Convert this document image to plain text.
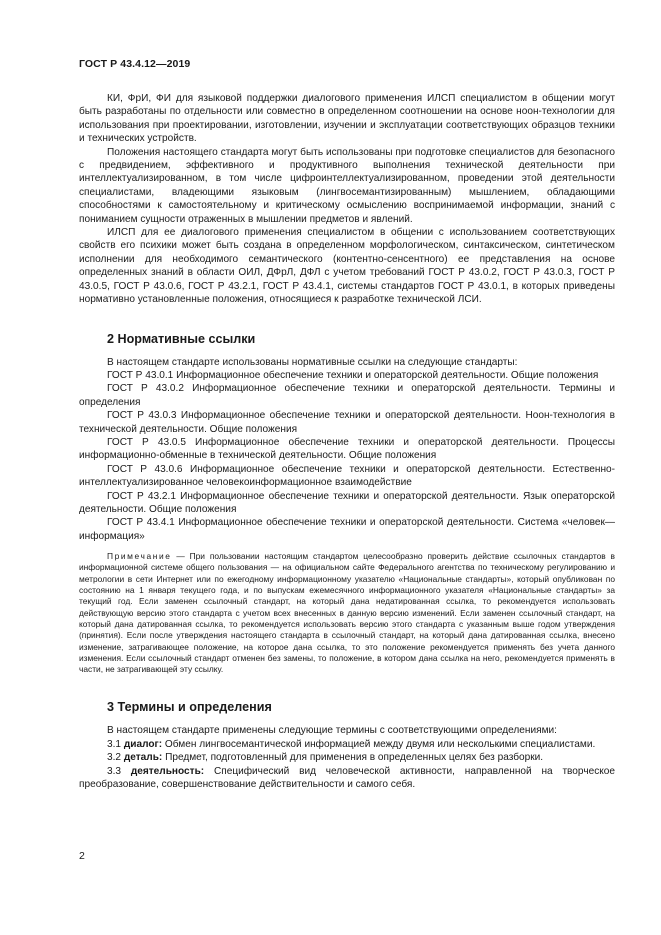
ГОСТ Р 43.4.12—2019

КИ, ФрИ, ФИ для языковой поддержки диалогового применения ИЛСП специалистом в общении могут быть разработаны по отдельности или совместно в определенном соотношении на основе ноон-технологии для использования при проектировании, изготовлении, изучении и эксплуатации соответствующих образцов техники и технических устройств.

Положения настоящего стандарта могут быть использованы при подготовке специалистов для безопасного с предвидением, эффективного и продуктивного выполнения технической деятельности при интеллектуализированном, в том числе цифроинтеллектуализированном, проведении этой деятельности специалистами, владеющими языковым (лингвосемантизированным) мышлением, обладающими способностями к самостоятельному и критическому осмыслению воспринимаемой информации, знаний с пониманием сущности отраженных в мышлении предметов и явлений.

ИЛСП для ее диалогового применения специалистом в общении с использованием соответствующих свойств его психики может быть создана в определенном морфологическом, синтаксическом, синтетическом исполнении для необходимого семантического (контентно-сенсентного) ее представления на основе определенных знаний в области ОИЛ, ДФрЛ, ДФЛ с учетом требований ГОСТ Р 43.0.2, ГОСТ Р 43.0.3, ГОСТ Р 43.0.5, ГОСТ Р 43.0.6, ГОСТ Р 43.2.1, ГОСТ Р 43.4.1, системы стандартов ГОСТ Р 43.0.1, в которых приведены нормативно установленные положения, относящиеся к разработке технической ЛСИ.

2 Нормативные ссылки

В настоящем стандарте использованы нормативные ссылки на следующие стандарты:

ГОСТ Р 43.0.1 Информационное обеспечение техники и операторской деятельности. Общие положения

ГОСТ Р 43.0.2 Информационное обеспечение техники и операторской деятельности. Термины и определения

ГОСТ Р 43.0.3 Информационное обеспечение техники и операторской деятельности. Ноон-технология в технической деятельности. Общие положения

ГОСТ Р 43.0.5 Информационное обеспечение техники и операторской деятельности. Процессы информационно-обменные в технической деятельности. Общие положения

ГОСТ Р 43.0.6 Информационное обеспечение техники и операторской деятельности. Естественно-интеллектуализированное человекоинформационное взаимодействие

ГОСТ Р 43.2.1 Информационное обеспечение техники и операторской деятельности. Язык операторской деятельности. Общие положения

ГОСТ Р 43.4.1 Информационное обеспечение техники и операторской деятельности. Система «человек—информация»

Примечание — При пользовании настоящим стандартом целесообразно проверить действие ссылочных стандартов в информационной системе общего пользования — на официальном сайте Федерального агентства по техническому регулированию и метрологии в сети Интернет или по ежегодному информационному указателю «Национальные стандарты», который опубликован по состоянию на 1 января текущего года, и по выпускам ежемесячного информационного указателя «Национальные стандарты» за текущий год. Если заменен ссылочный стандарт, на который дана недатированная ссылка, то рекомендуется использовать действующую версию этого стандарта с учетом всех внесенных в данную версию изменений. Если заменен ссылочный стандарт, на который дана датированная ссылка, то рекомендуется использовать версию этого стандарта с указанным выше годом утверждения (принятия). Если после утверждения настоящего стандарта в ссылочный стандарт, на который дана датированная ссылка, внесено изменение, затрагивающее положение, на которое дана ссылка, то это положение рекомендуется применять без учета данного изменения. Если ссылочный стандарт отменен без замены, то положение, в котором дана ссылка на него, рекомендуется применять в части, не затрагивающей эту ссылку.
3 Термины и определения

В настоящем стандарте применены следующие термины с соответствующими определениями:

3.1 диалог: Обмен лингвосемантической информацией между двумя или несколькими специалистами.

3.2 деталь: Предмет, подготовленный для применения в определенных целях без разборки.

3.3 деятельность: Специфический вид человеческой активности, направленной на творческое преобразование, совершенствование действительности и самого себя.

2
